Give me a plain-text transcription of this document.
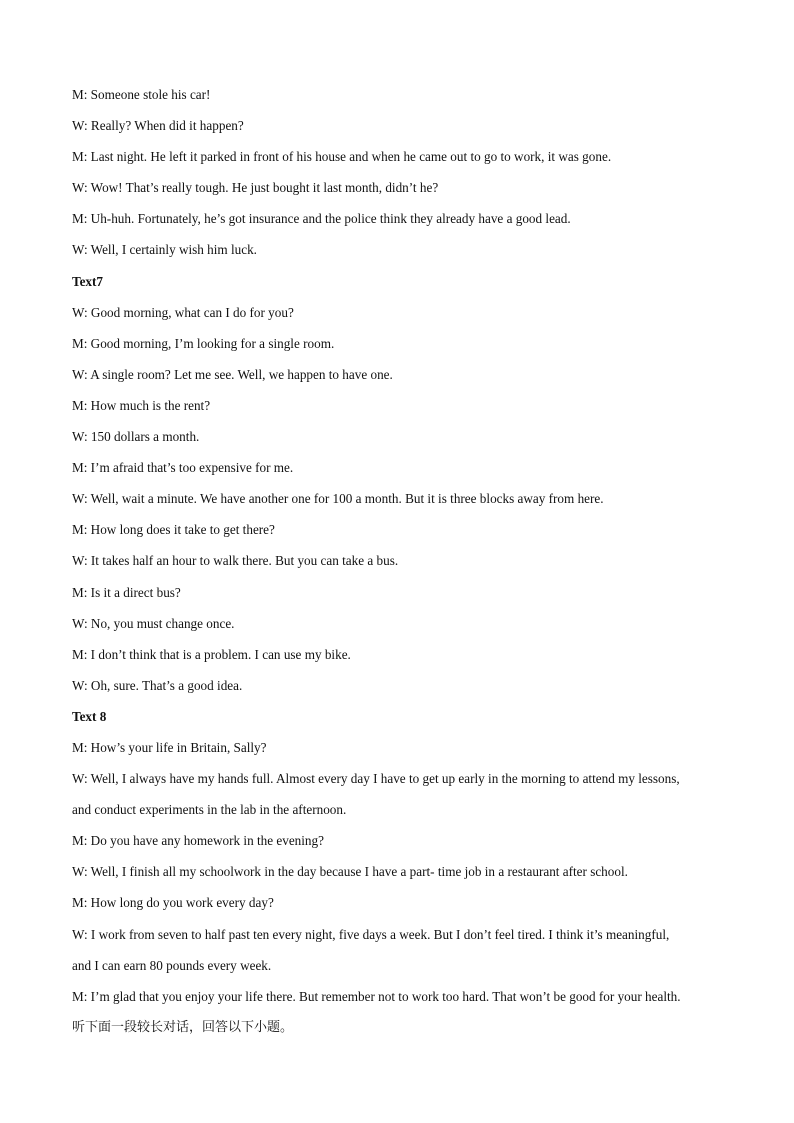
M: Someone stole his car!
W: Really? When did it happen?
M: Last night. He left it parked in front of his house and when he came out to go to work, it was gone.
W: Wow! That’s really tough. He just bought it last month, didn’t he?
M: Uh-huh. Fortunately, he’s got insurance and the police think they already have a good lead.
W: Well, I certainly wish him luck.
Text7
W: Good morning, what can I do for you?
M: Good morning, I’m looking for a single room.
W: A single room? Let me see. Well, we happen to have one.
M: How much is the rent?
W: 150 dollars a month.
M: I’m afraid that’s too expensive for me.
W: Well, wait a minute. We have another one for 100 a month. But it is three blocks away from here.
M: How long does it take to get there?
W: It takes half an hour to walk there. But you can take a bus.
M: Is it a direct bus?
W: No, you must change once.
M: I don’t think that is a problem. I can use my bike.
W: Oh, sure. That’s a good idea.
Text 8
M: How’s your life in Britain, Sally?
W: Well, I always have my hands full. Almost every day I have to get up early in the morning to attend my lessons,
and conduct experiments in the lab in the afternoon.
M: Do you have any homework in the evening?
W: Well, I finish all my schoolwork in the day because I have a part- time job in a restaurant after school.
M: How long do you work every day?
W: I work from seven to half past ten every night, five days a week. But I don’t feel tired. I think it’s meaningful,
and I can earn 80 pounds every week.
M: I’m glad that you enjoy your life there. But remember not to work too hard. That won’t be good for your health.
听下面一段较长对话，回答以下小题。
